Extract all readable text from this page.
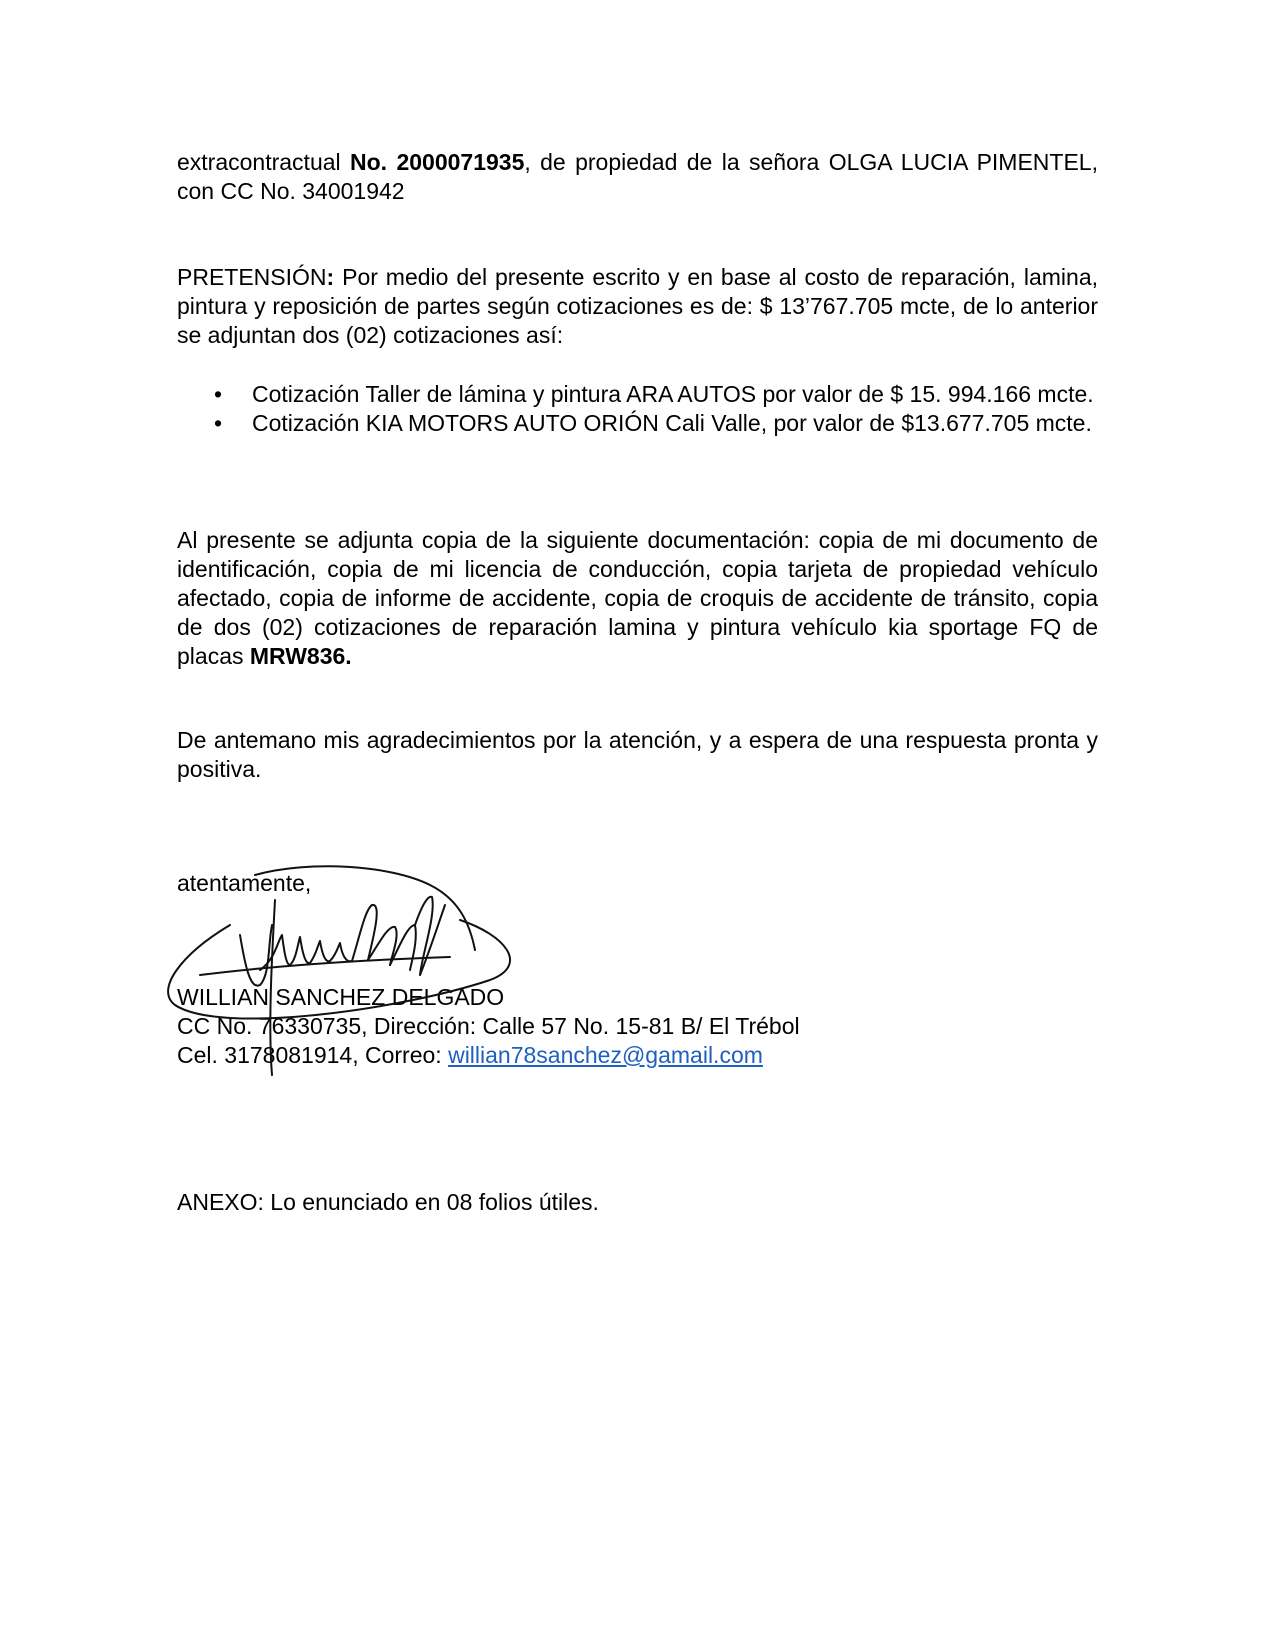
extracontractual No. 2000071935, de propiedad de la señora OLGA LUCIA PIMENTEL, con CC No. 34001942

PRETENSIÓN: Por medio del presente escrito y en base al costo de reparación, lamina, pintura y reposición de partes según cotizaciones es de: $ 13’767.705 mcte, de lo anterior se adjuntan dos (02) cotizaciones así:

• Cotización Taller de lámina y pintura ARA AUTOS por valor de $ 15. 994.166 mcte.
• Cotización KIA MOTORS AUTO ORIÓN Cali Valle, por valor de $13.677.705 mcte.

Al presente se adjunta copia de la siguiente documentación: copia de mi documento de identificación, copia de mi licencia de conducción, copia tarjeta de propiedad vehículo afectado, copia de informe de accidente, copia de croquis de accidente de tránsito, copia de dos (02) cotizaciones de reparación lamina y pintura vehículo kia sportage FQ de placas MRW836.

De antemano mis agradecimientos por la atención, y a espera de una respuesta pronta y positiva.

atentamente,

WILLIAN SANCHEZ DELGADO

CC No. 76330735, Dirección: Calle 57 No. 15-81 B/ El Trébol

Cel. 3178081914, Correo: willian78sanchez@gamail.com

ANEXO: Lo enunciado en 08 folios útiles.
